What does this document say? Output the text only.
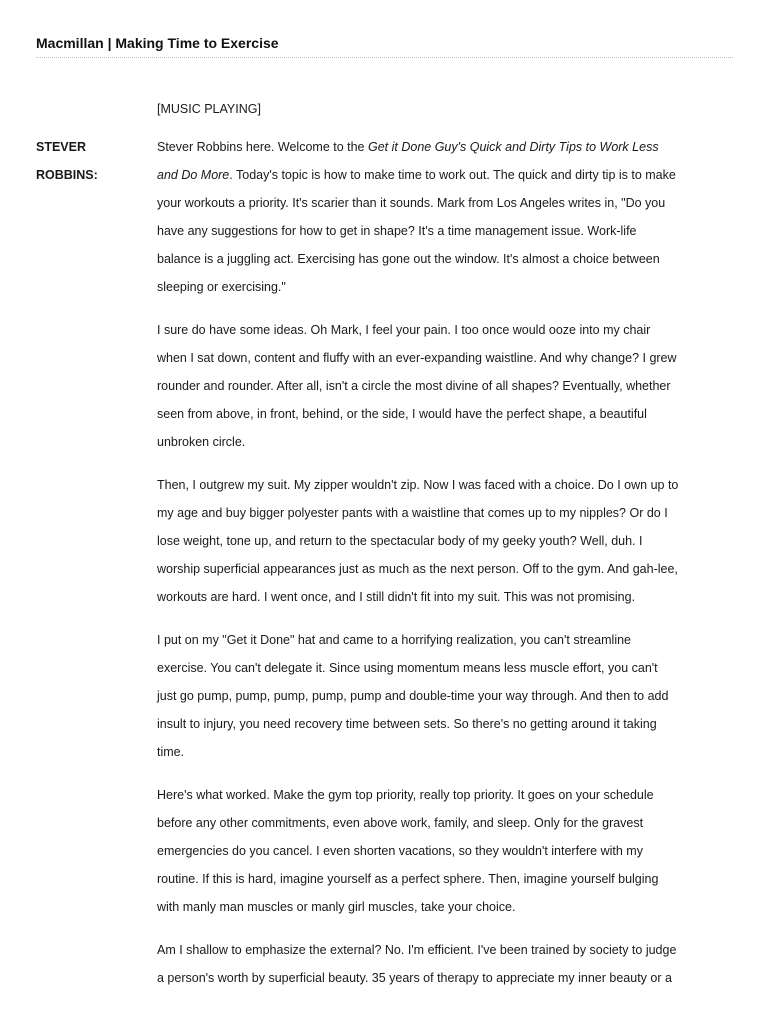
Macmillan | Making Time to Exercise
[MUSIC PLAYING]
STEVER
ROBBINS:
Stever Robbins here. Welcome to the Get it Done Guy's Quick and Dirty Tips to Work Less
and Do More. Today's topic is how to make time to work out. The quick and dirty tip is to make
your workouts a priority. It's scarier than it sounds. Mark from Los Angeles writes in, "Do you
have any suggestions for how to get in shape? It's a time management issue. Work-life
balance is a juggling act. Exercising has gone out the window. It's almost a choice between
sleeping or exercising."
I sure do have some ideas. Oh Mark, I feel your pain. I too once would ooze into my chair
when I sat down, content and fluffy with an ever-expanding waistline. And why change? I grew
rounder and rounder. After all, isn't a circle the most divine of all shapes? Eventually, whether
seen from above, in front, behind, or the side, I would have the perfect shape, a beautiful
unbroken circle.
Then, I outgrew my suit. My zipper wouldn't zip. Now I was faced with a choice. Do I own up to
my age and buy bigger polyester pants with a waistline that comes up to my nipples? Or do I
lose weight, tone up, and return to the spectacular body of my geeky youth? Well, duh. I
worship superficial appearances just as much as the next person. Off to the gym. And gah-lee,
workouts are hard. I went once, and I still didn't fit into my suit. This was not promising.
I put on my "Get it Done" hat and came to a horrifying realization, you can't streamline
exercise. You can't delegate it. Since using momentum means less muscle effort, you can't
just go pump, pump, pump, pump, pump and double-time your way through. And then to add
insult to injury, you need recovery time between sets. So there's no getting around it taking
time.
Here's what worked. Make the gym top priority, really top priority. It goes on your schedule
before any other commitments, even above work, family, and sleep. Only for the gravest
emergencies do you cancel. I even shorten vacations, so they wouldn't interfere with my
routine. If this is hard, imagine yourself as a perfect sphere. Then, imagine yourself bulging
with manly man muscles or manly girl muscles, take your choice.
Am I shallow to emphasize the external? No. I'm efficient. I've been trained by society to judge
a person's worth by superficial beauty. 35 years of therapy to appreciate my inner beauty or a
